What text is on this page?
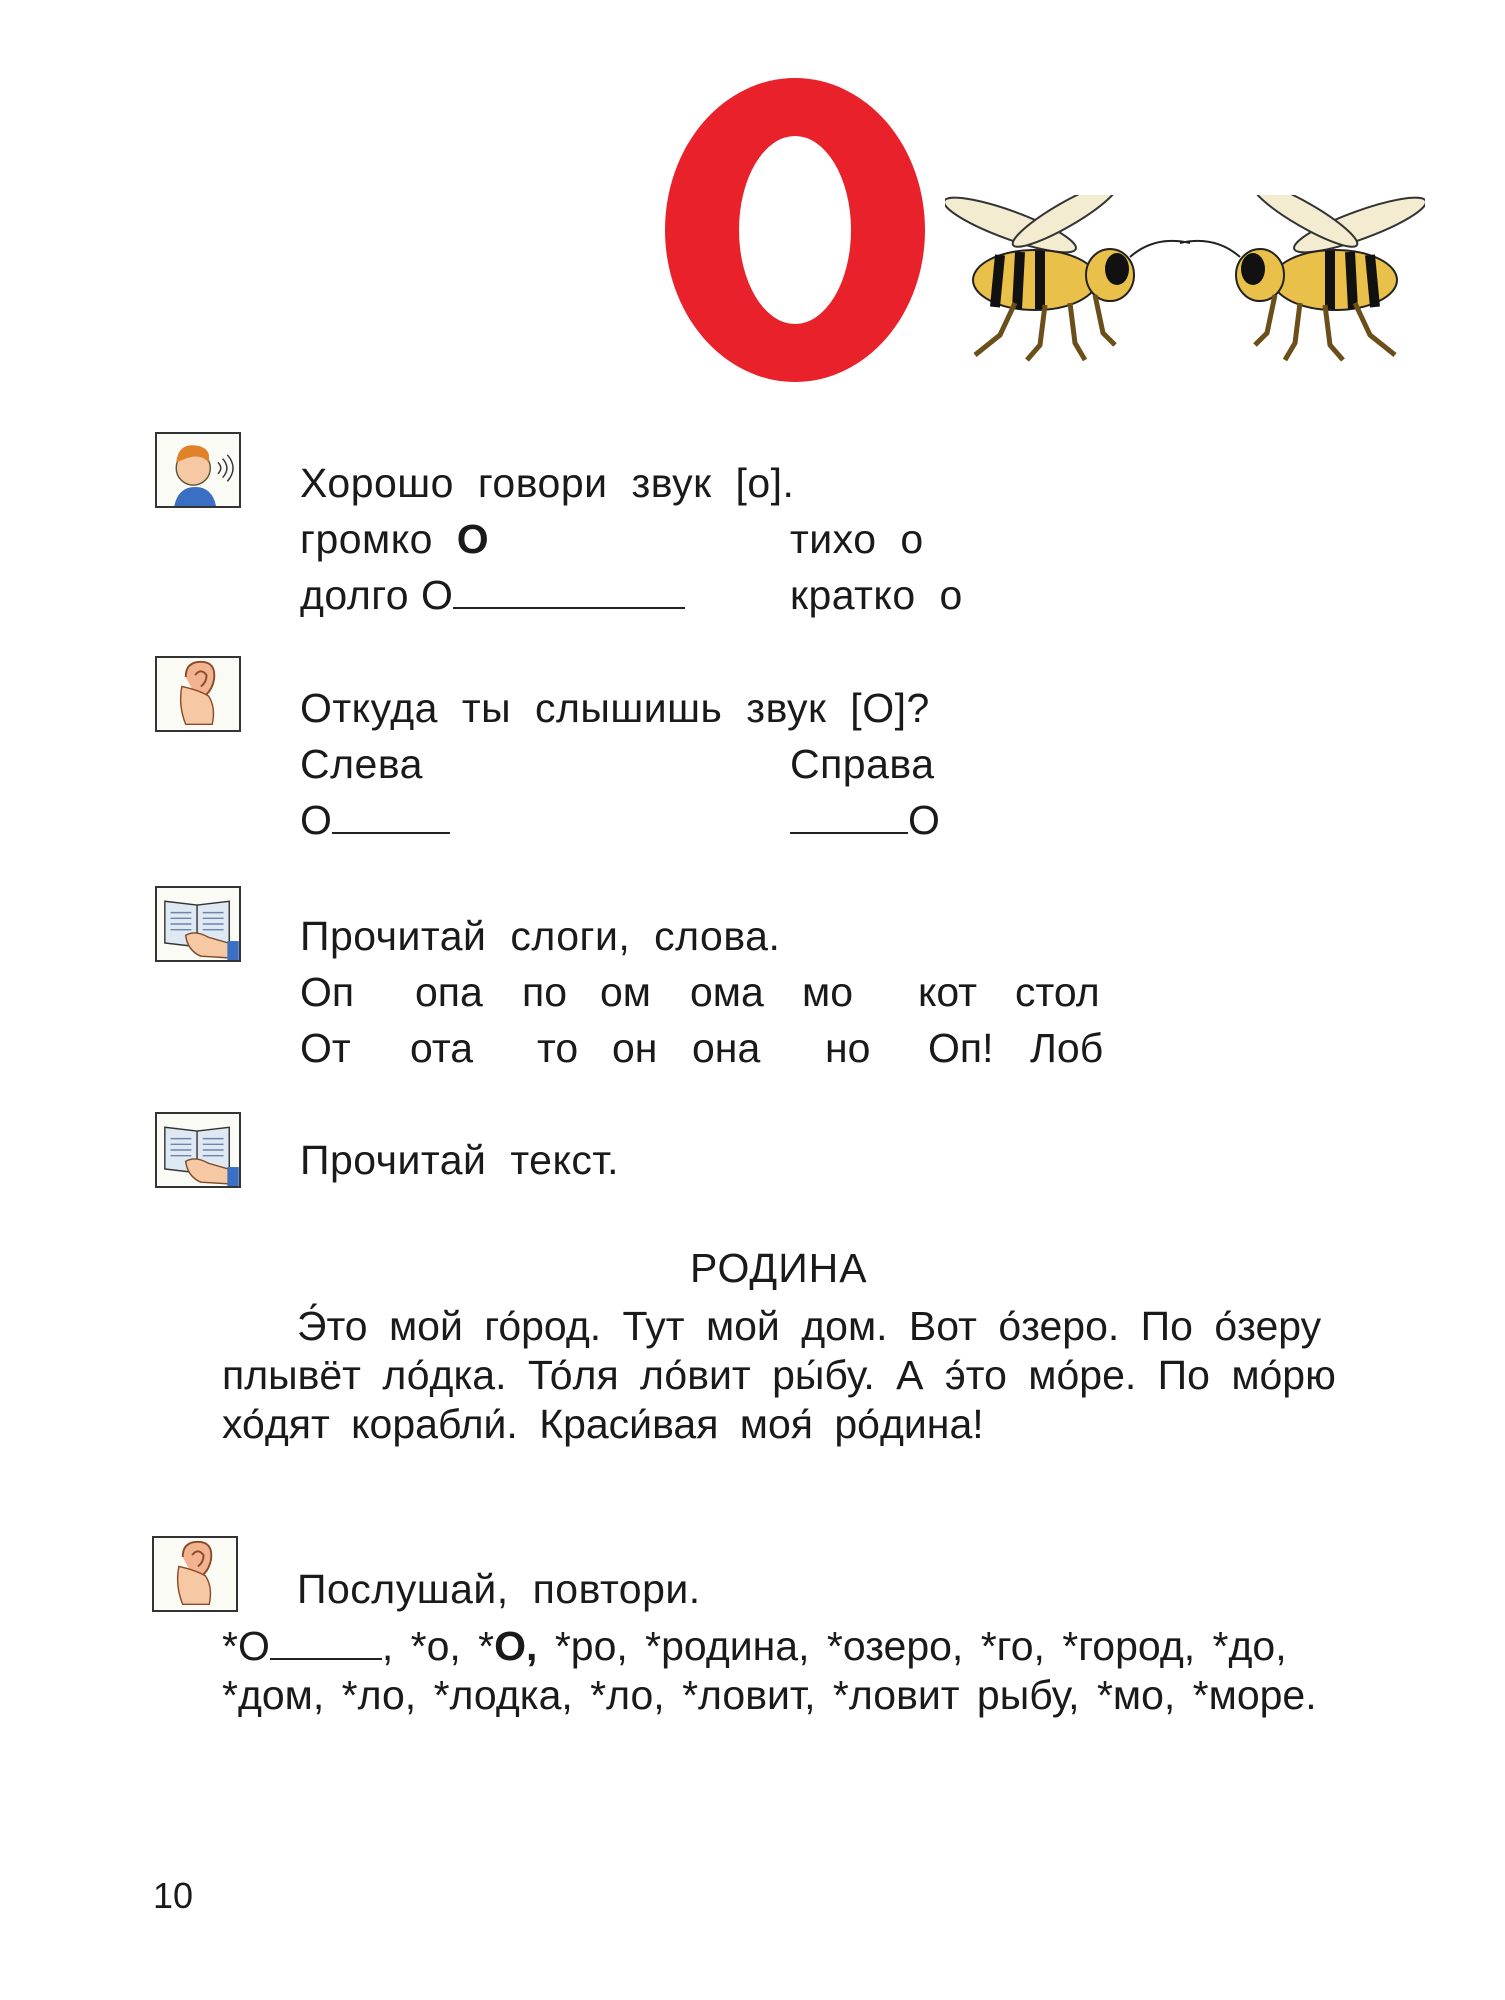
Хорошо говори звук [о].
громко О	тихо о
долго О	кратко о
Откуда ты слышишь звук [О]?
Слева	Справа
О	О
Прочитай слоги, слова.
Оп опа по ом ома мо кот стол
От ота то он она но Оп! Лоб
Прочитай текст.
РОДИНА

Э́то мой го́род. Тут мой дом. Вот о́зеро. По о́зеру плывёт ло́дка. То́ля ло́вит ры́бу. А э́то мо́ре. По мо́рю хо́дят корабли́. Краси́вая моя́ ро́дина!

Послушай, повтори.
*О	, *о, *О, *ро, *родина, *озеро, *го, *город, *до, *дом, *ло, *лодка, *ло, *ловит, *ловит рыбу, *мо, *море.
10
